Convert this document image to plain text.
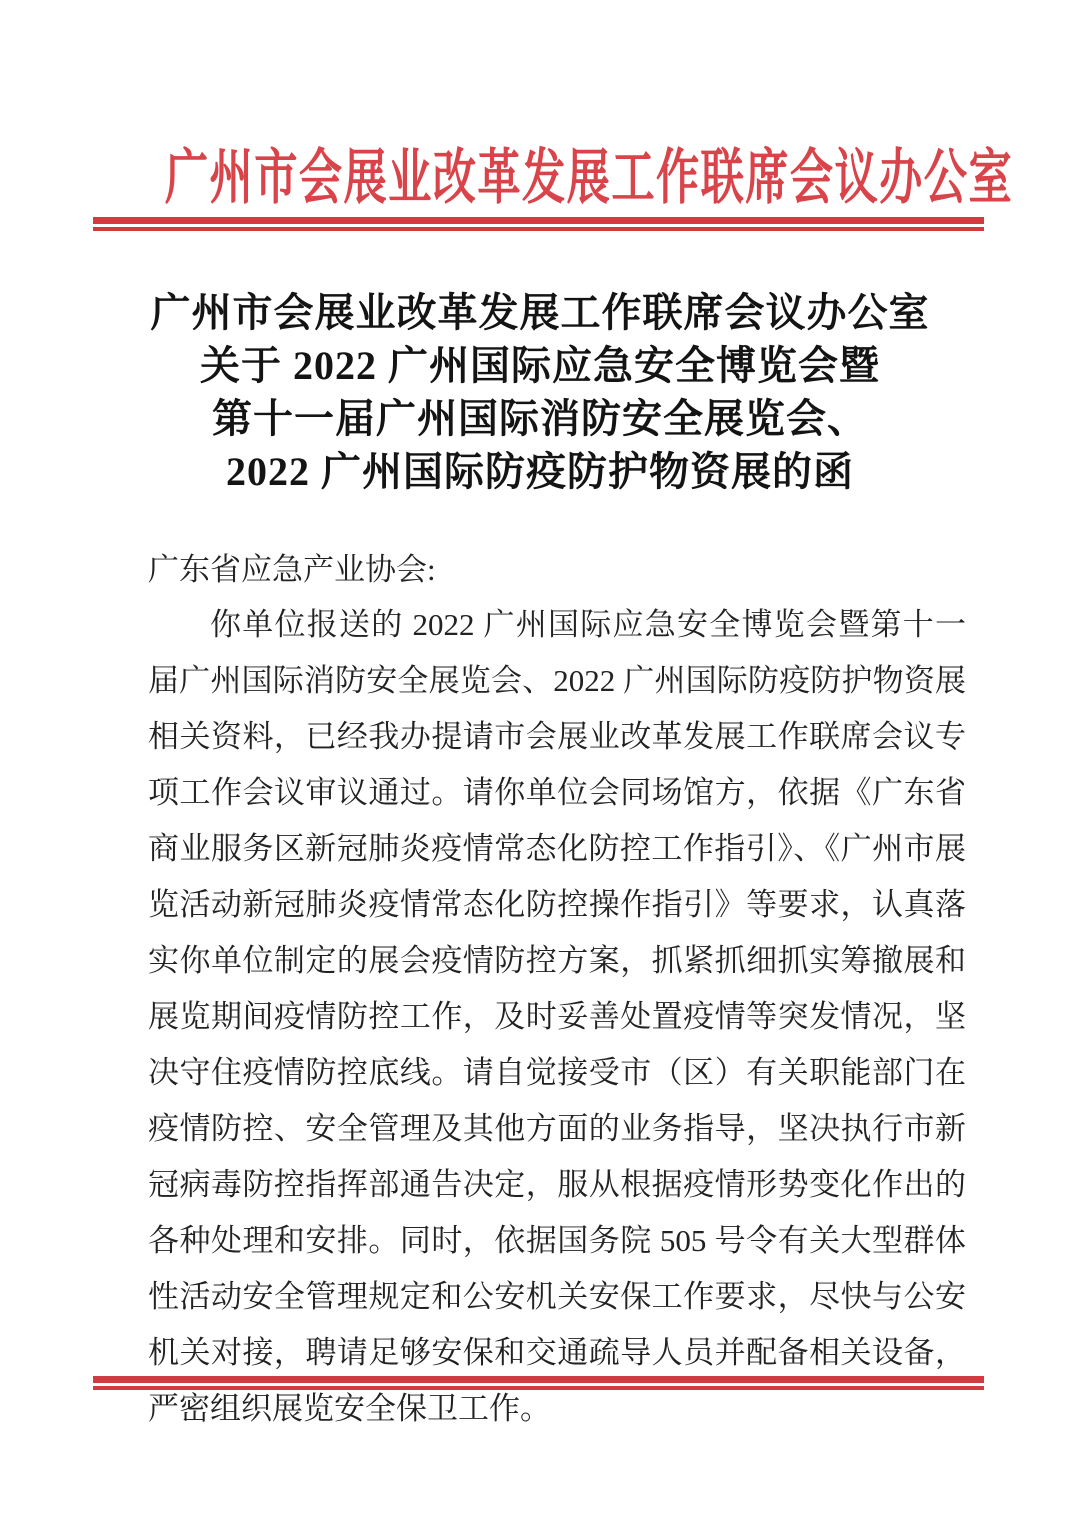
广州市会展业改革发展工作联席会议办公室
广州市会展业改革发展工作联席会议办公室
关于 2022 广州国际应急安全博览会暨
第十一届广州国际消防安全展览会、
2022 广州国际防疫防护物资展的函

广东省应急产业协会:

你单位报送的 2022 广州国际应急安全博览会暨第十一届广州国际消防安全展览会、2022 广州国际防疫防护物资展相关资料，已经我办提请市会展业改革发展工作联席会议专项工作会议审议通过。请你单位会同场馆方，依据《广东省商业服务区新冠肺炎疫情常态化防控工作指引》、《广州市展览活动新冠肺炎疫情常态化防控操作指引》等要求，认真落实你单位制定的展会疫情防控方案，抓紧抓细抓实筹撤展和展览期间疫情防控工作，及时妥善处置疫情等突发情况，坚决守住疫情防控底线。请自觉接受市（区）有关职能部门在疫情防控、安全管理及其他方面的业务指导，坚决执行市新冠病毒防控指挥部通告决定，服从根据疫情形势变化作出的各种处理和安排。同时，依据国务院 505 号令有关大型群体性活动安全管理规定和公安机关安保工作要求，尽快与公安机关对接，聘请足够安保和交通疏导人员并配备相关设备，严密组织展览安全保卫工作。
